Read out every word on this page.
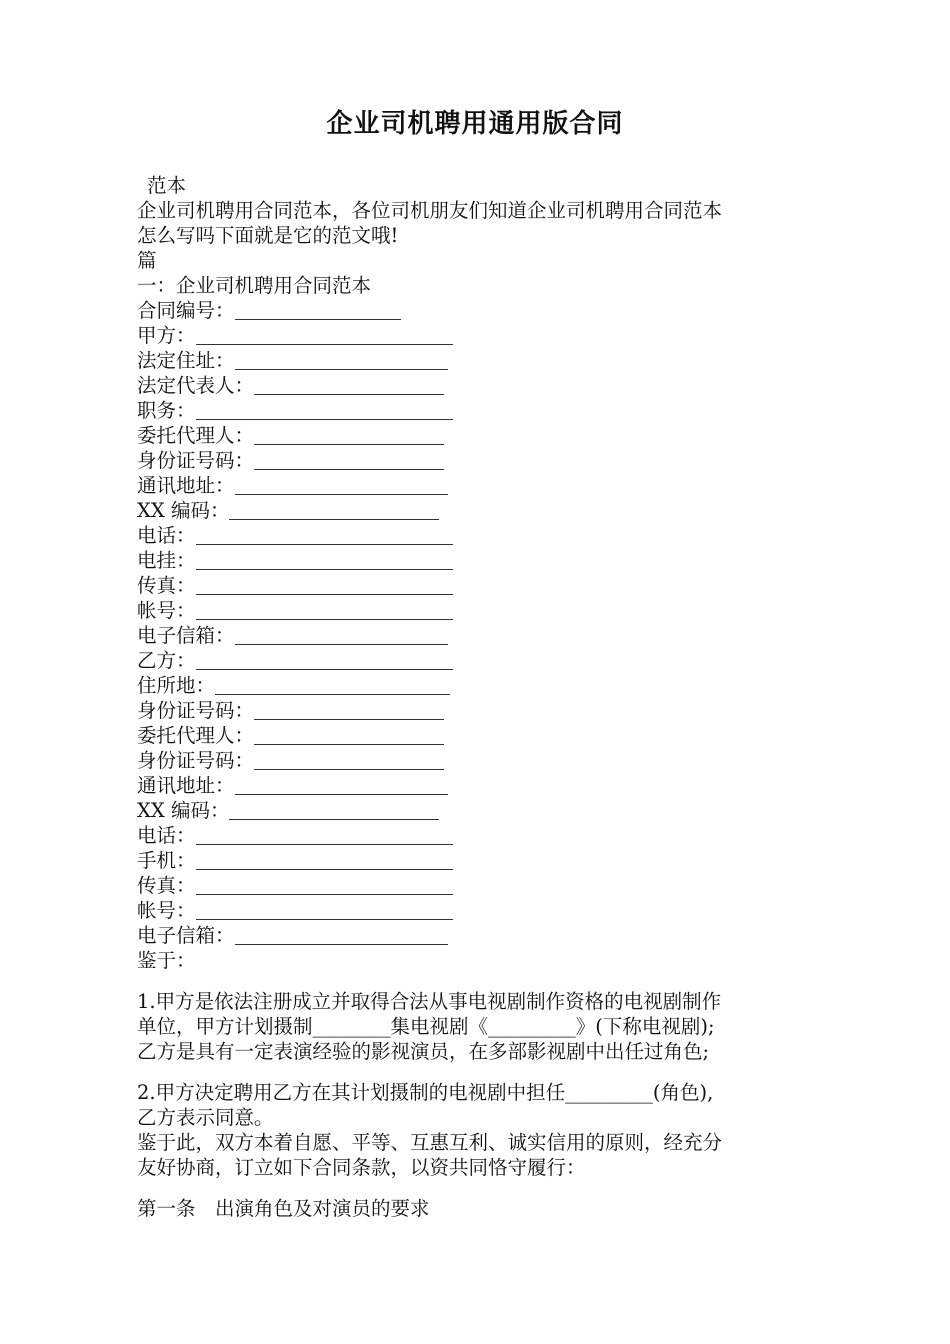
企业司机聘用通用版合同
范本
企业司机聘用合同范本，各位司机朋友们知道企业司机聘用合同范本
怎么写吗下面就是它的范文哦!
篇
一：企业司机聘用合同范本
合同编号：
甲方：
法定住址：
法定代表人：
职务：
委托代理人：
身份证号码：
通讯地址：
XX 编码：
电话：
电挂：
传真：
帐号：
电子信箱：
乙方：
住所地：
身份证号码：
委托代理人：
身份证号码：
通讯地址：
XX 编码：
电话：
手机：
传真：
帐号：
电子信箱：
鉴于：
1.甲方是依法注册成立并取得合法从事电视剧制作资格的电视剧制作
单位，甲方计划摄制________集电视剧《_________》(下称电视剧);
乙方是具有一定表演经验的影视演员，在多部影视剧中出任过角色;
2.甲方决定聘用乙方在其计划摄制的电视剧中担任_________(角色),
乙方表示同意。
鉴于此，双方本着自愿、平等、互惠互利、诚实信用的原则，经充分
友好协商，订立如下合同条款，以资共同恪守履行：
第一条　出演角色及对演员的要求
